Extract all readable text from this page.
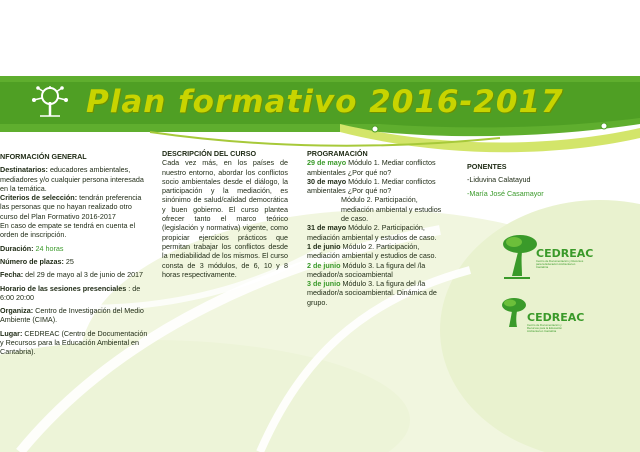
Plan formativo 2016-2017
NFORMACIÓN GENERAL
Destinatarios: educadores ambientales, mediadores y/o cualquier persona interesada en la temática.
Criterios de selección: tendrán preferencia las personas que no hayan realizado otro curso del Plan Formativo 2016-2017
En caso de empate se tendrá en cuenta el orden de inscripción.
Duración: 24 horas
Número de plazas: 25
Fecha: del 29 de mayo al 3 de junio de 2017
Horario de las sesiones presenciales : de 6:00 20:00
Organiza: Centro de Investigación del Medio Ambiente (CIMA).
Lugar: CEDREAC (Centro de Documentación y Recursos para la Educación Ambiental en Cantabria).
DESCRIPCIÓN DEL CURSO
Cada vez más, en los países de nuestro entorno, abordar los conflictos socio ambientales desde el diálogo, la participación y la mediación, es sinónimo de salud/calidad democrática y buen gobierno. El curso plantea ofrecer tanto el marco teórico (legislación y normativa) vigente, como propiciar ejercicios prácticos que permitan trabajar los conflictos desde la mediabilidad de los mismos. El curso consta de 3 módulos, de 6, 10 y 8 horas respectivamente.
PROGRAMACIÓN
29 de mayo Módulo 1. Mediar conflictos ambientales ¿Por qué no?
30 de mayo Módulo 1. Mediar conflictos ambientales ¿Por qué no?
Módulo 2. Participación, mediación ambiental y estudios de caso.
31 de mayo Módulo 2. Participación, mediación ambiental y estudios de caso.
1 de junio Módulo 2. Participación, mediación ambiental y estudios de caso.
2 de junio Módulo 3. La figura del /la mediador/a socioambiental
3 de junio Módulo 3. La figura del /la mediador/a socioambiental. Dinámica de grupo.
PONENTES
-Liduvina Calatayud
-María José Casamayor
CEDREAC
Centro de Documentación y Recursos para la Educación Ambiental en Cantabria
CEDREAC
Centro de Documentación y Recursos para la Educación Ambiental en Cantabria
